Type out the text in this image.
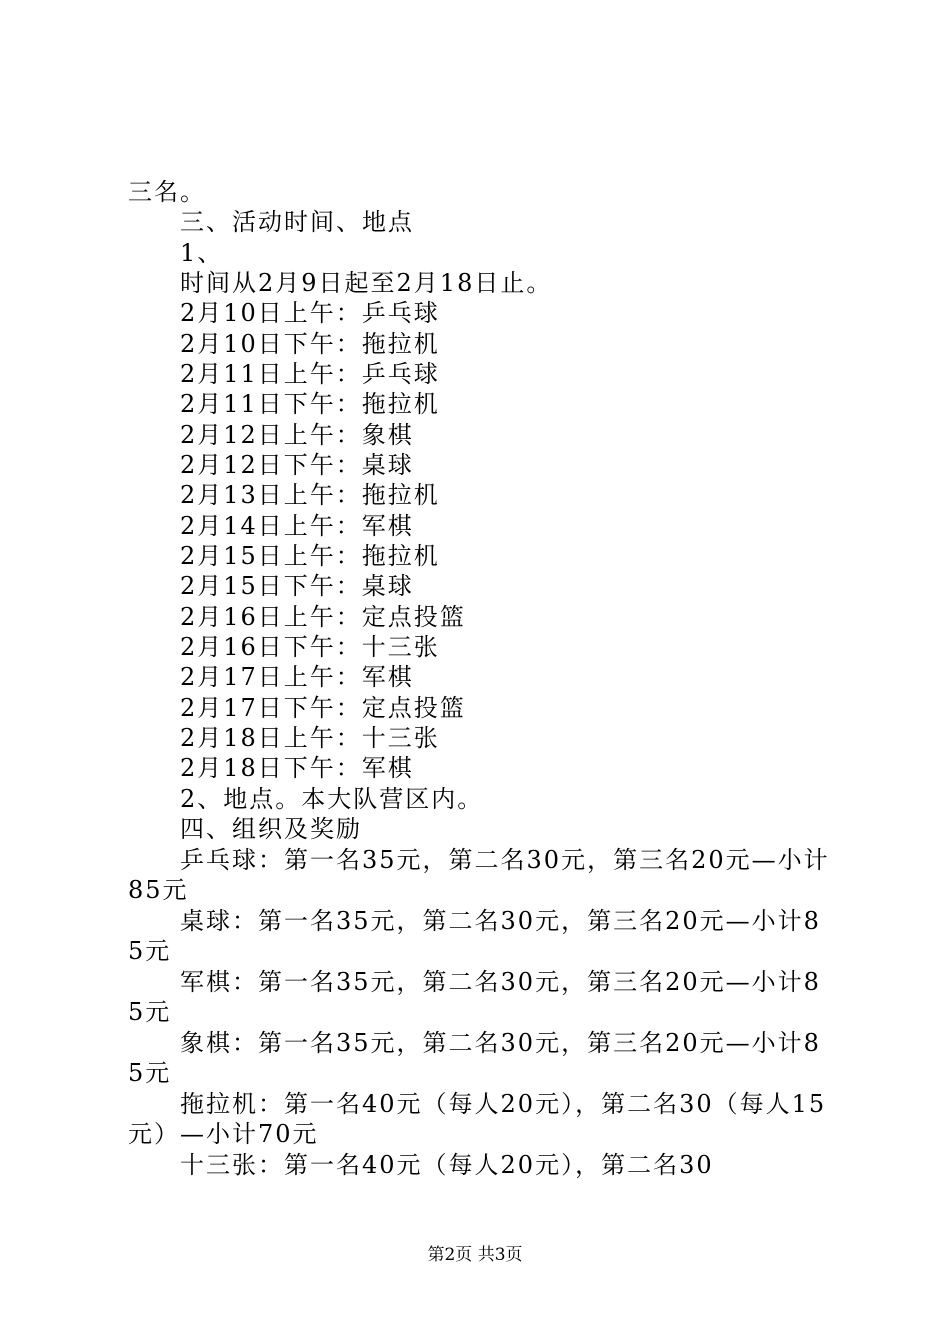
三名。
三、活动时间、地点
1、
时间从2月9日起至2月18日止。
2月10日上午：乒乓球
2月10日下午：拖拉机
2月11日上午：乒乓球
2月11日下午：拖拉机
2月12日上午：象棋
2月12日下午：桌球
2月13日上午：拖拉机
2月14日上午：军棋
2月15日上午：拖拉机
2月15日下午：桌球
2月16日上午：定点投篮
2月16日下午：十三张
2月17日上午：军棋
2月17日下午：定点投篮
2月18日上午：十三张
2月18日下午：军棋
2、地点。本大队营区内。
四、组织及奖励
乒乓球：第一名35元，第二名30元，第三名20元—小计85元
桌球：第一名35元，第二名30元，第三名20元—小计85元
军棋：第一名35元，第二名30元，第三名20元—小计85元
象棋：第一名35元，第二名30元，第三名20元—小计85元
拖拉机：第一名40元（每人20元），第二名30（每人15元）—小计70元
十三张：第一名40元（每人20元），第二名30
第2页 共3页
